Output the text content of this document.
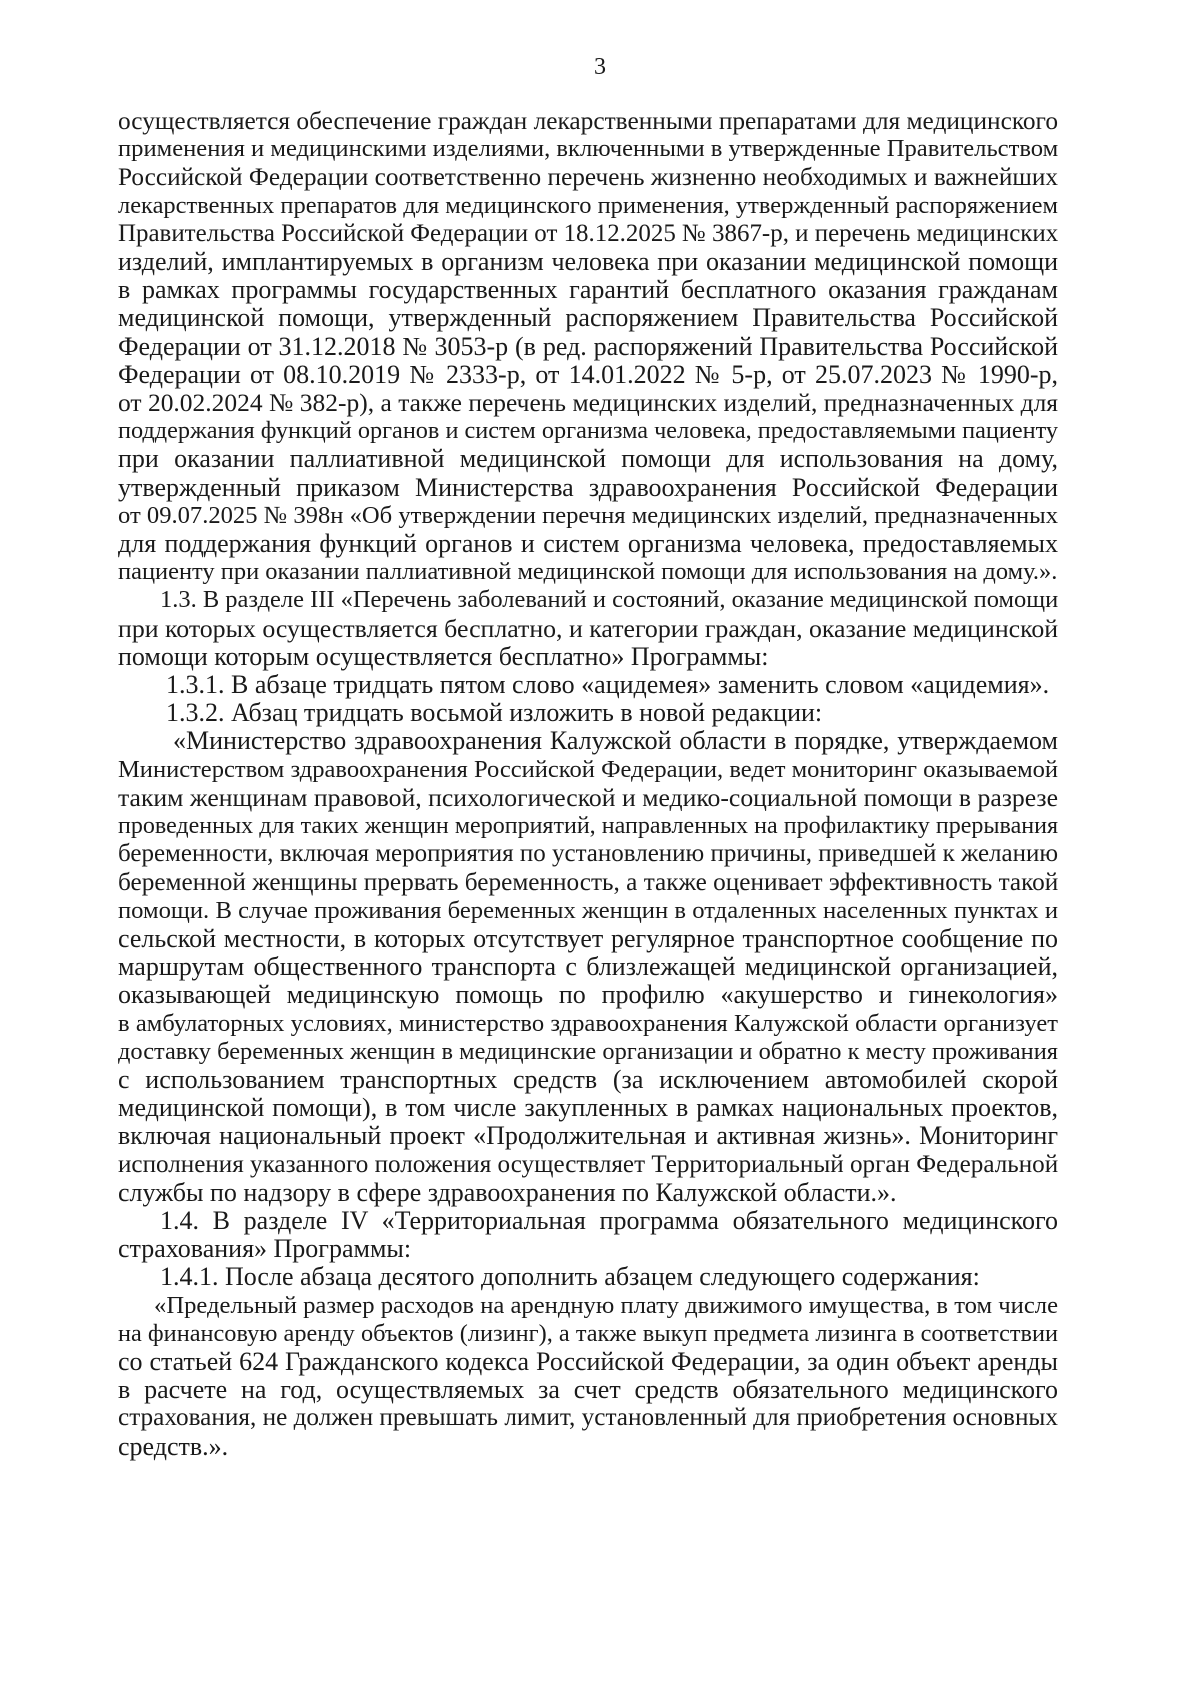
3
осуществляется обеспечение граждан лекарственными препаратами для медицинского
применения и медицинскими изделиями, включенными в утвержденные Правительством
Российской Федерации соответственно перечень жизненно необходимых и важнейших
лекарственных препаратов для медицинского применения, утвержденный распоряжением
Правительства Российской Федерации от 18.12.2025 № 3867-р, и перечень медицинских
изделий, имплантируемых в организм человека при оказании медицинской помощи
в рамках программы государственных гарантий бесплатного оказания гражданам
медицинской помощи, утвержденный распоряжением Правительства Российской
Федерации от 31.12.2018 № 3053-р (в ред. распоряжений Правительства Российской
Федерации от 08.10.2019 № 2333-р, от 14.01.2022 № 5-р, от 25.07.2023 № 1990-р,
от 20.02.2024 № 382-р), а также перечень медицинских изделий, предназначенных для
поддержания функций органов и систем организма человека, предоставляемыми пациенту
при оказании паллиативной медицинской помощи для использования на дому,
утвержденный приказом Министерства здравоохранения Российской Федерации
от 09.07.2025 № 398н «Об утверждении перечня медицинских изделий, предназначенных
для поддержания функций органов и систем организма человека, предоставляемых
пациенту при оказании паллиативной медицинской помощи для использования на дому.».
1.3. В разделе III «Перечень заболеваний и состояний, оказание медицинской помощи
при которых осуществляется бесплатно, и категории граждан, оказание медицинской
помощи которым осуществляется бесплатно» Программы:
1.3.1. В абзаце тридцать пятом слово «ацидемея» заменить словом «ацидемия».
1.3.2. Абзац тридцать восьмой изложить в новой редакции:
«Министерство здравоохранения Калужской области в порядке, утверждаемом
Министерством здравоохранения Российской Федерации, ведет мониторинг оказываемой
таким женщинам правовой, психологической и медико-социальной помощи в разрезе
проведенных для таких женщин мероприятий, направленных на профилактику прерывания
беременности, включая мероприятия по установлению причины, приведшей к желанию
беременной женщины прервать беременность, а также оценивает эффективность такой
помощи. В случае проживания беременных женщин в отдаленных населенных пунктах и
сельской местности, в которых отсутствует регулярное транспортное сообщение по
маршрутам общественного транспорта с близлежащей медицинской организацией,
оказывающей медицинскую помощь по профилю «акушерство и гинекология»
в амбулаторных условиях, министерство здравоохранения Калужской области организует
доставку беременных женщин в медицинские организации и обратно к месту проживания
с использованием транспортных средств (за исключением автомобилей скорой
медицинской помощи), в том числе закупленных в рамках национальных проектов,
включая национальный проект «Продолжительная и активная жизнь». Мониторинг
исполнения указанного положения осуществляет Территориальный орган Федеральной
службы по надзору в сфере здравоохранения по Калужской области.».
1.4. В разделе IV «Территориальная программа обязательного медицинского
страхования» Программы:
1.4.1. После абзаца десятого дополнить абзацем следующего содержания:
«Предельный размер расходов на арендную плату движимого имущества, в том числе
на финансовую аренду объектов (лизинг), а также выкуп предмета лизинга в соответствии
со статьей 624 Гражданского кодекса Российской Федерации, за один объект аренды
в расчете на год, осуществляемых за счет средств обязательного медицинского
страхования, не должен превышать лимит, установленный для приобретения основных
средств.».
